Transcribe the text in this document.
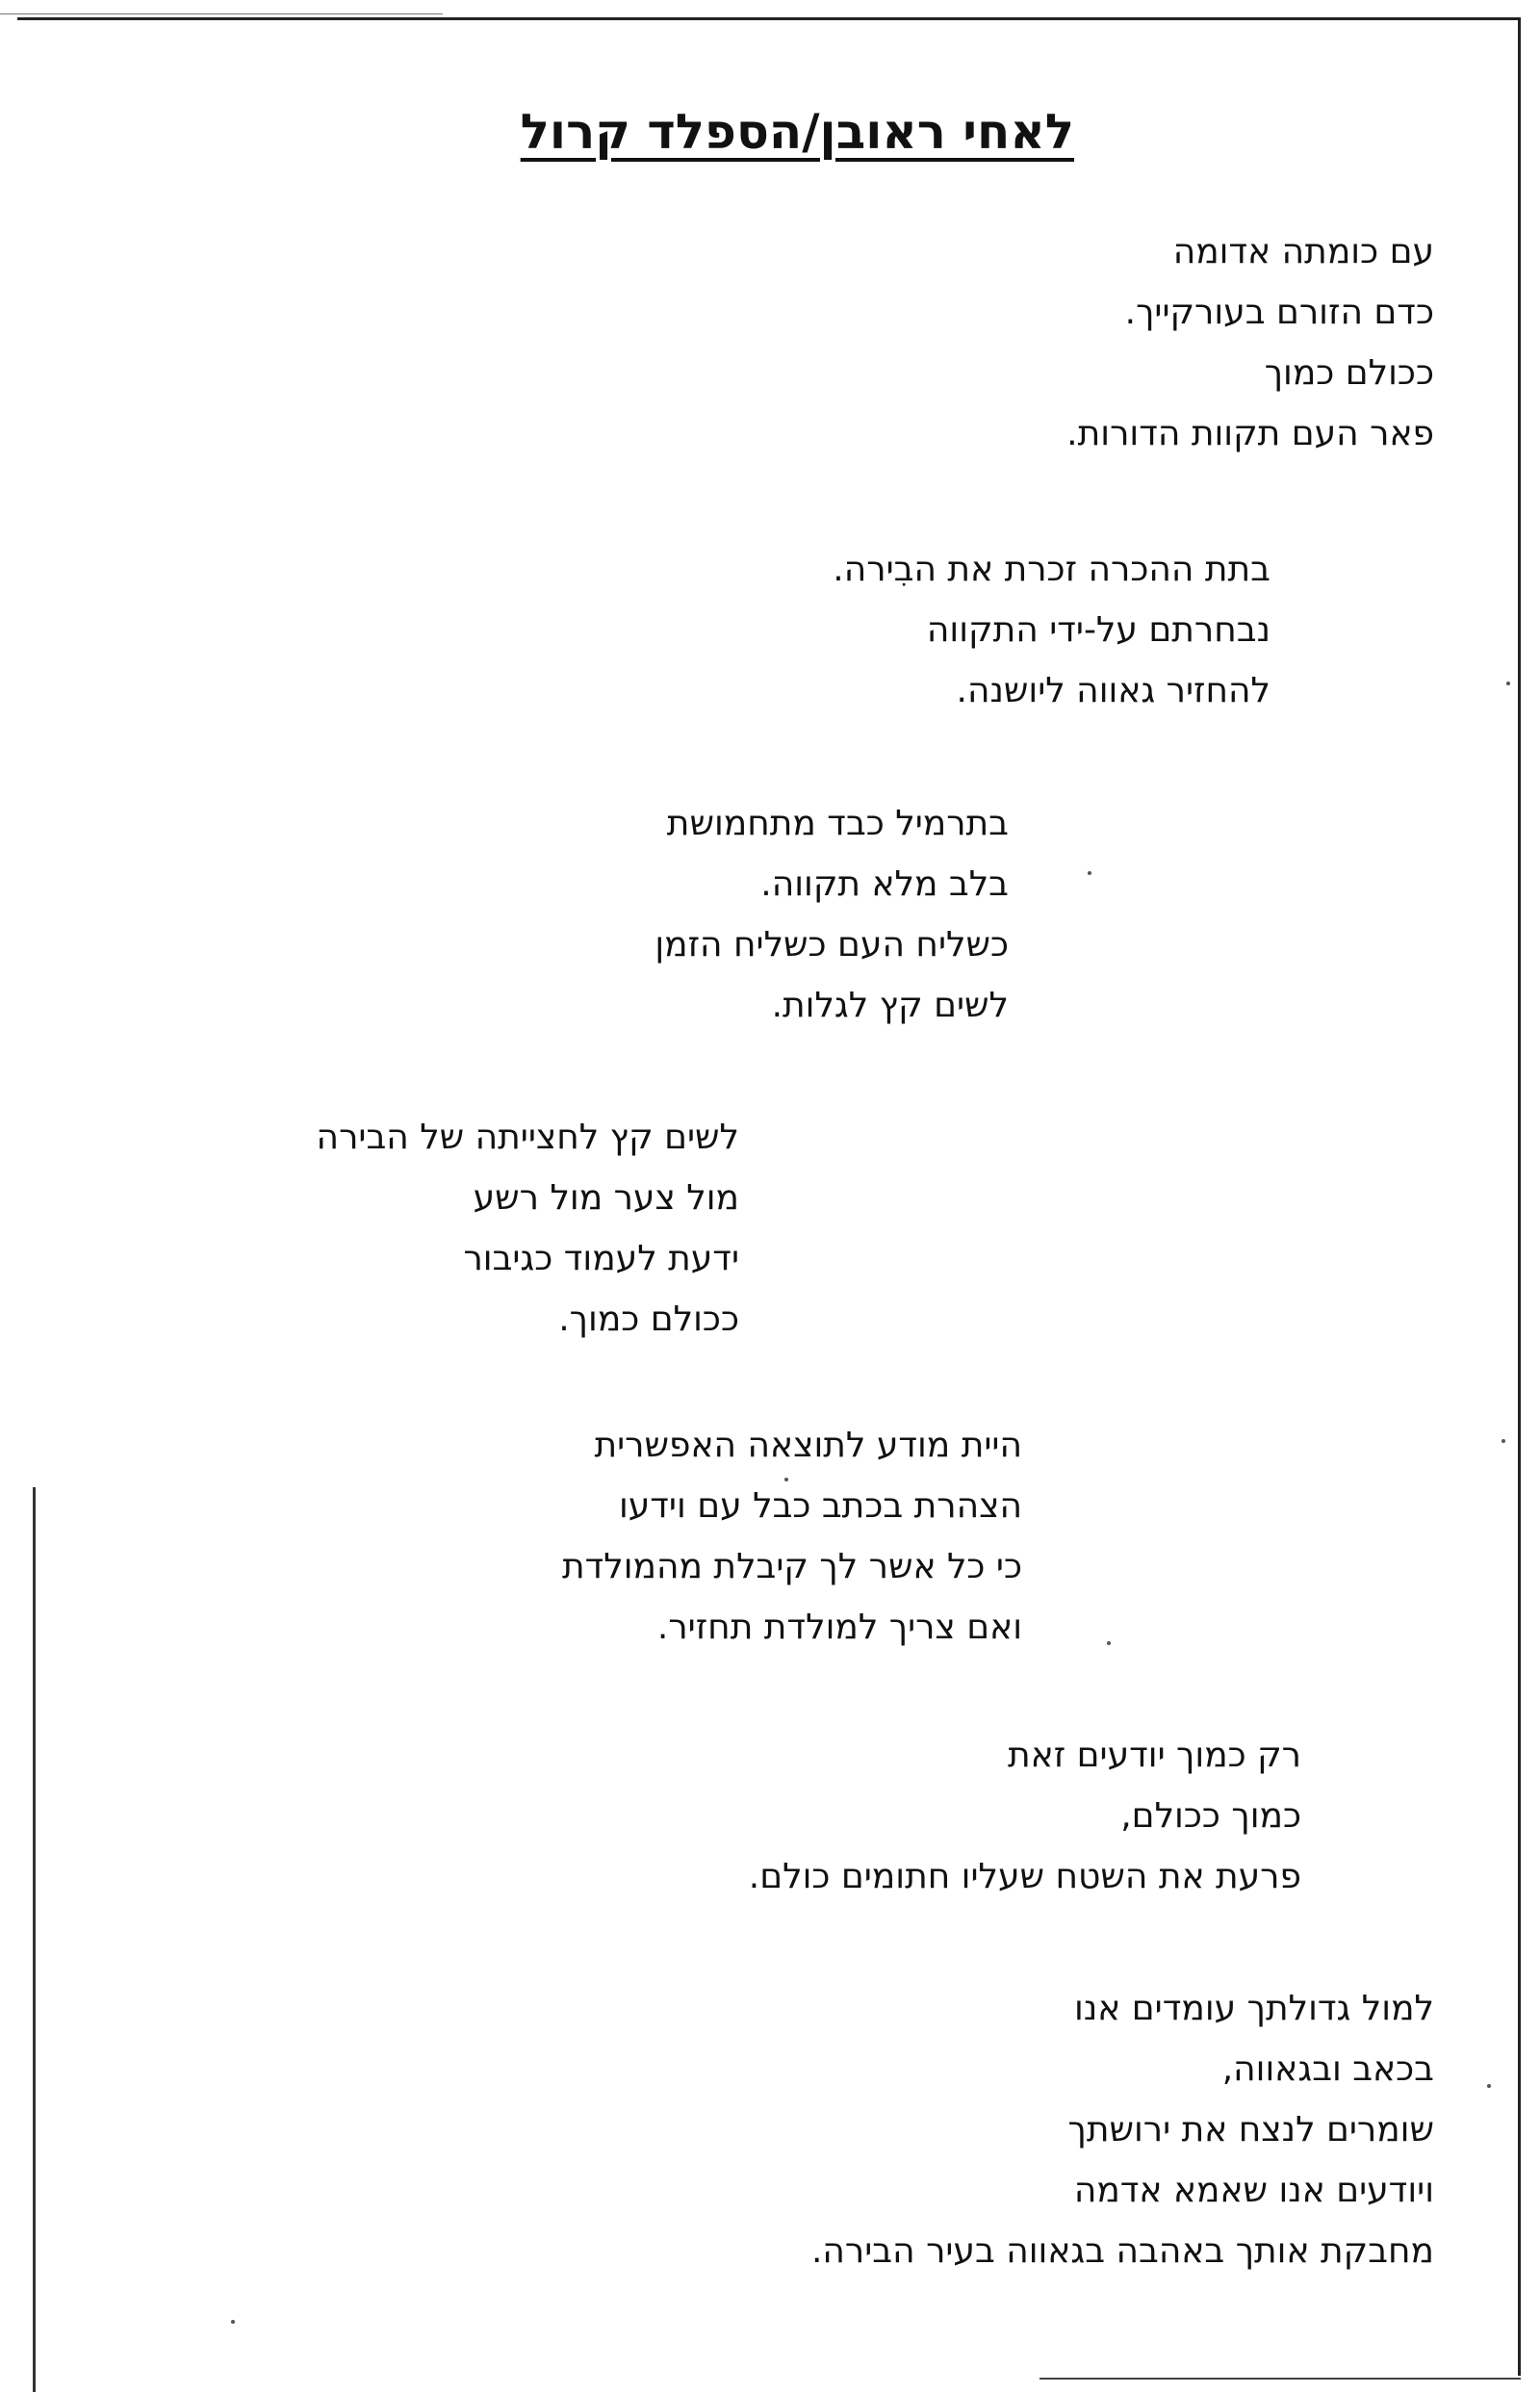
לאחי ראובן/הספלד קרול
עם כומתה אדומה
כדם הזורם בעורקייך.
ככולם כמוך
פאר העם תקוות הדורות.
בתת ההכרה זכרת את הבִירה.
נבחרתם על-ידי התקווה
להחזיר גאווה ליושנה.
בתרמיל כבד מתחמושת
בלב מלא תקווה.
כשליח העם כשליח הזמן
לשים קץ לגלות.
לשים קץ לחצייתה של הבירה
מול צער מול רשע
ידעת לעמוד כגיבור
ככולם כמוך.
היית מודע לתוצאה האפשרית
הצהרת בכתב כבל עם וידעו
כי כל אשר לך קיבלת מהמולדת
ואם צריך למולדת תחזיר.
רק כמוך יודעים זאת
כמוך ככולם,
פרעת את השטח שעליו חתומים כולם.
למול גדולתך עומדים אנו
בכאב ובגאווה,
שומרים לנצח את ירושתך
ויודעים אנו שאמא אדמה
מחבקת אותך באהבה בגאווה בעיר הבירה.
